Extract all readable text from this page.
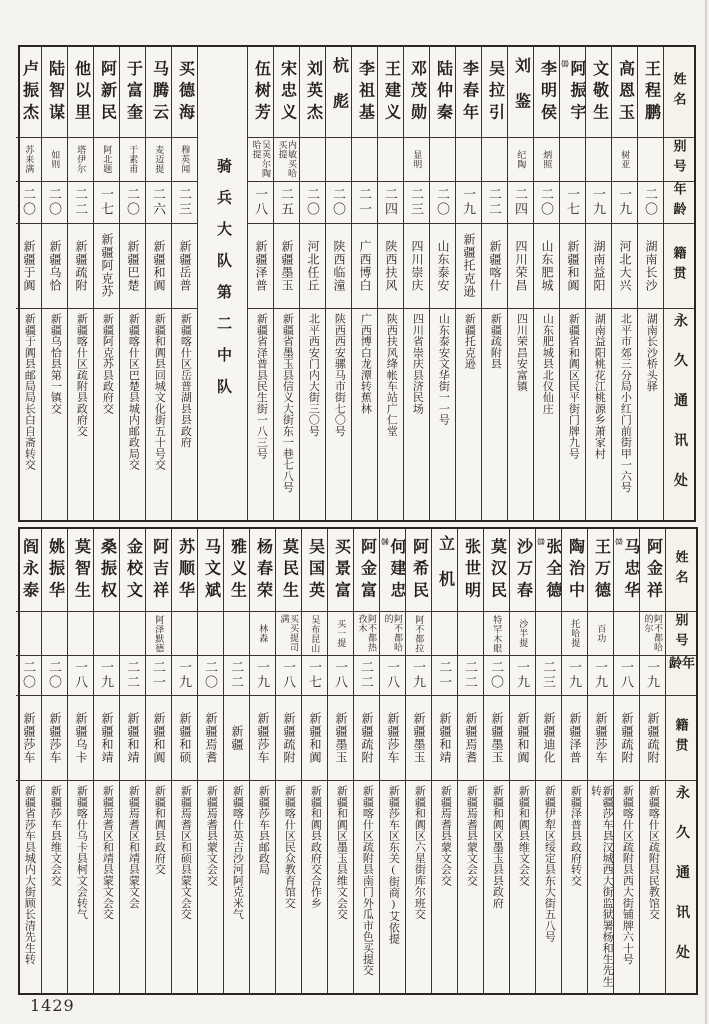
姓名
别号
年龄
籍贯
永久通讯处
王程鹏
二〇
湖南长沙
湖南长沙桥头驿
高恩玉
树亚
一九
河北大兴
北平市郊三分局小红门前街甲一六号
文敬生
一九
湖南益阳
湖南益阳桃花江桃源乡萧家村
阿振宇
⑾
一七
新疆和阗
新疆省和阗区民平街门牌九号
李明侯
炳照
二〇
山东肥城
山东肥城县北仪仙庄
刘鉴
纪陶
二四
四川荣昌
四川荣昌安富镇
吴拉引
二二
新疆喀什
新疆疏附县
李春年
一九
新疆托克逊
新疆托克逊
陆仲秦
二〇
山东泰安
山东泰安文华街一一号
邓茂勋
显明
二三
四川崇庆
四川省崇庆县济民场
王建义
二四
陕西扶风
陕西扶风绛帐车站广仁堂
李祖基
二一
广西博白
广西博白龙潭转蕉林
杭彪
二〇
陕西临潼
陕西西安骡马市街七〇号
刘英杰
二〇
河北任丘
北平西安门内大街三〇号
宋忠义
内敏买哈买提
二五
新疆墨玉
新疆省墨玉县信义大街东一巷七八号
伍树芳
吴英尔陶哈提
一八
新疆泽普
新疆省泽普县民生街一八三号
骑兵大队第二中队
买德海
穆英闻
二三
新疆岳普
新疆喀什区岳普湖县县政府
马腾云
麦迈提
二六
新疆和阗
新疆和阗县回城文化街五十号交
于富奎
于素甫
二〇
新疆巴楚
新疆喀什区巴楚县城内邮政局交
阿新民
阿北题
一七
新疆阿克苏
新疆阿克苏县政府交
他以里
塔伊尔
二二
新疆疏附
新疆喀什区疏附县政府交
陆智谋
如则
二〇
新疆乌恰
新疆乌恰县第一镇交
卢振杰
苏来满
二〇
新疆于阗
新疆于阗县邮局局长白自斋转交
姓名
别号
年龄
籍贯
永久通讯处
阿金祥
阿不都哈的尔
一九
新疆疏附
新疆喀什区疏附县民教馆交
马忠华
⑿
一八
新疆疏附
新疆喀什区疏附县西大街铺牌六十号
王万德
百功
一九
新疆莎车
新疆莎车县汉城西大街监狱署杨和生先生转
陶治中
托哈提
一九
新疆泽普
新疆泽普县政府转交
张全德
⒀
二三
新疆迪化
新疆伊犁区绥定县东大街五八号
沙万春
沙半提
一九
新疆和阗
新疆和阗县维文会交
莫汉民
特罕木眼
二〇
新疆墨玉
新疆和阗区墨玉县县政府
张世明
二二
新疆焉耆
新疆焉耆县蒙文会交
立机
二一
新疆和靖
新疆焉耆县蒙文会交
阿希民
阿不都拉
一九
新疆墨玉
新疆和阗区六星街库尔班交
何建忠
⒁
阿不都哈的
一八
新疆莎车
新疆莎车区东关(街商)艾依提
阿金富
阿不都热孜木
二二
新疆疏附
新疆喀什区疏附县南门外瓜市色买提交
买景富
买一提
一八
新疆墨玉
新疆和阗区墨玉县维文会交
吴国英
吴布昆山
一七
新疆和阗
新疆和阗县政府交合作乡
莫民生
买买提司满
一八
新疆疏附
新疆喀什区民众教育馆交
杨春荣
林森
一九
新疆莎车
新疆莎车县邮政局
雅义生
二二
新疆
新疆喀什英吉沙河阿克米气
马文斌
二〇
新疆焉耆
新疆焉耆县蒙文会交
苏顺华
一九
新疆和硕
新疆焉耆区和硕县蒙文会交
阿吉祥
阿泽默德
二一
新疆和阗
新疆和阗县政府交
金校文
二二
新疆和靖
新疆焉耆区和靖县蒙文会
桑振权
一九
新疆和靖
新疆焉耆区和靖县蒙文会交
莫智生
一八
新疆乌卡
新疆喀什乌卡县柯文会转气
姚振华
二〇
新疆莎车
新疆莎车县维文会交
阎永泰
二〇
新疆莎车
新疆省莎车县城内大街顾长清先生转
1429
